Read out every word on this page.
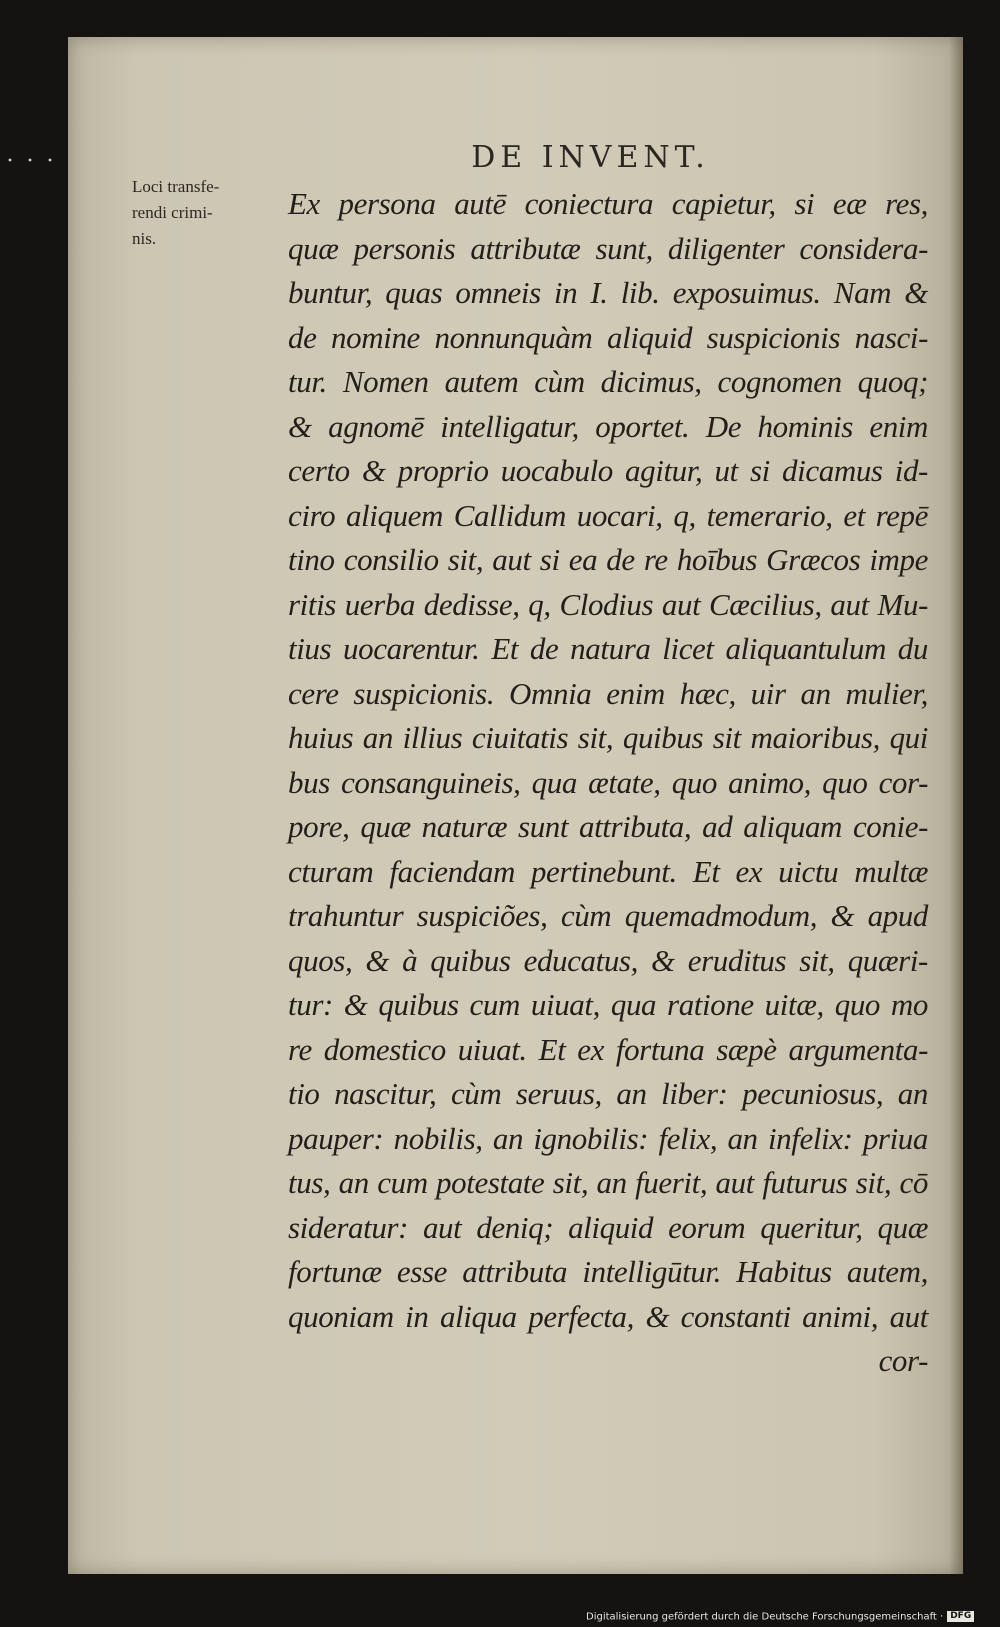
DE INVENT.
Loci transfe-
rendi crimi-
nis.
Ex persona autē coniectura capietur, si eæ res,
quæ personis attributæ sunt, diligenter considera-
buntur, quas omneis in I. lib. exposuimus. Nam &
de nomine nonnunquàm aliquid suspicionis nasci-
tur. Nomen autem cùm dicimus, cognomen quoq;
& agnomē intelligatur, oportet. De hominis enim
certo & proprio uocabulo agitur, ut si dicamus id-
ciro aliquem Callidum uocari, q, temerario, et repē
tino consilio sit, aut si ea de re hoībus Græcos impe
ritis uerba dedisse, q, Clodius aut Cæcilius, aut Mu-
tius uocarentur. Et de natura licet aliquantulum du
cere suspicionis. Omnia enim hæc, uir an mulier,
huius an illius ciuitatis sit, quibus sit maioribus, qui
bus consanguineis, qua ætate, quo animo, quo cor-
pore, quæ naturæ sunt attributa, ad aliquam conie-
cturam faciendam pertinebunt. Et ex uictu multæ
trahuntur suspiciões, cùm quemadmodum, & apud
quos, & à quibus educatus, & eruditus sit, quæri-
tur: & quibus cum uiuat, qua ratione uitæ, quo mo
re domestico uiuat. Et ex fortuna sæpè argumenta-
tio nascitur, cùm seruus, an liber: pecuniosus, an
pauper: nobilis, an ignobilis: felix, an infelix: priua
tus, an cum potestate sit, an fuerit, aut futurus sit, cō
sideratur: aut deniq; aliquid eorum queritur, quæ
fortunæ esse attributa intelligūtur. Habitus autem,
quoniam in aliqua perfecta, & constanti animi, aut
cor-
Digitalisierung gefördert durch die Deutsche Forschungsgemeinschaft · DFG
